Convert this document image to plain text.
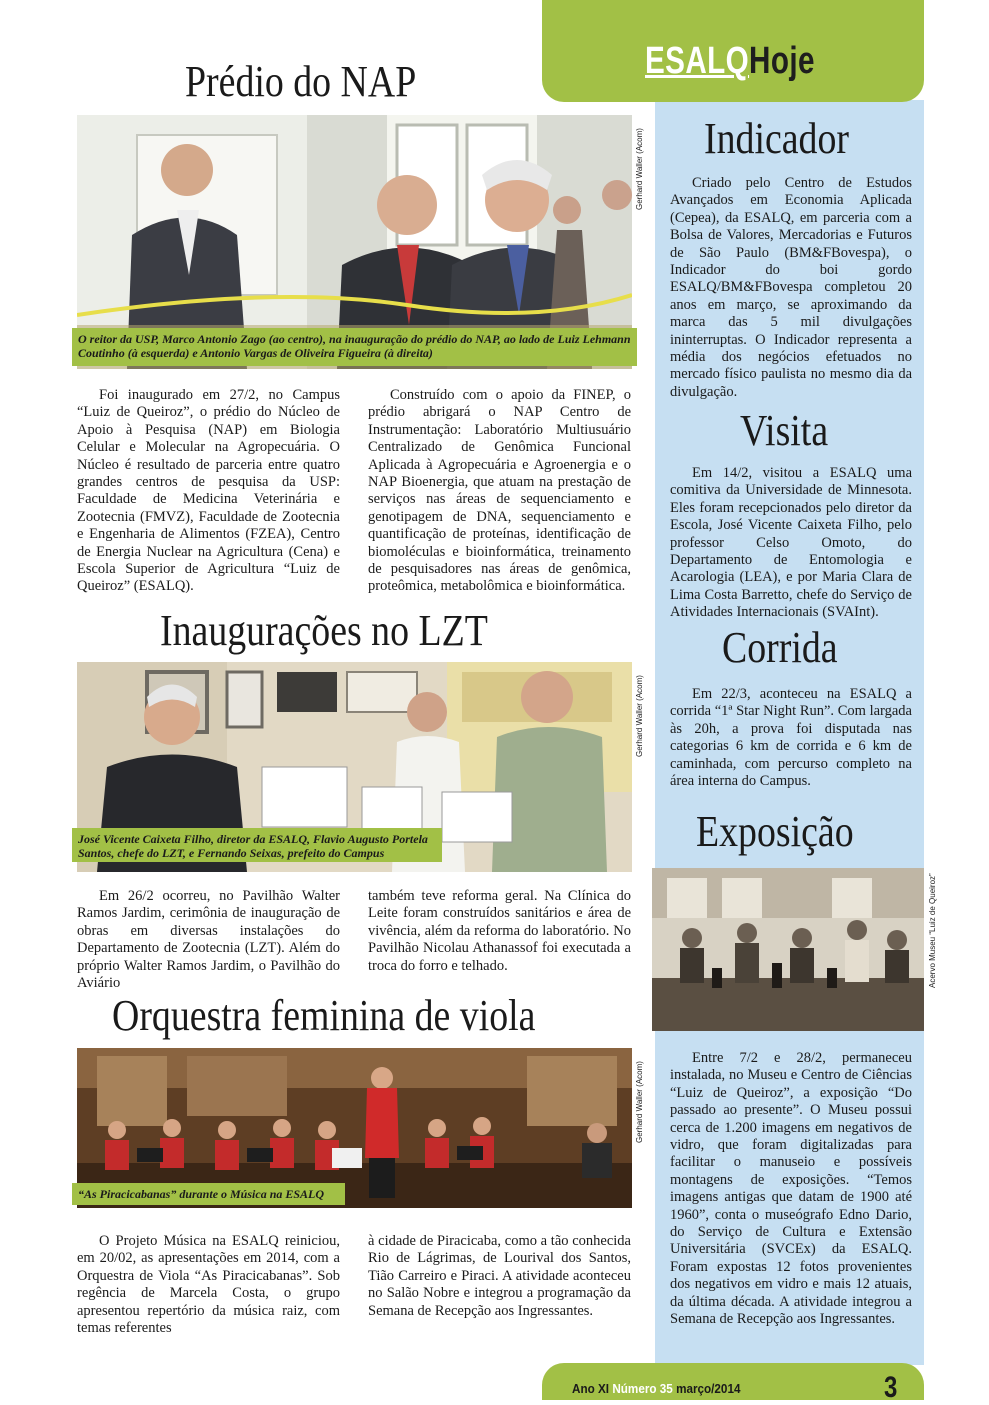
ESALQHoje
Prédio do NAP
Gerhard Waller (Acom)
O reitor da USP, Marco Antonio Zago (ao centro), na inauguração do prédio do NAP, ao lado de Luiz Lehmann Coutinho (à esquerda) e Antonio Vargas de Oliveira Figueira (à direita)

Foi inaugurado em 27/2, no Campus “Luiz de Queiroz”, o prédio do Núcleo de Apoio à Pesquisa (NAP) em Biologia Celular e Molecular na Agropecuária. O Núcleo é resultado de parceria entre quatro grandes centros de pesquisa da USP: Faculdade de Medicina Veterinária e Zootecnia (FMVZ), Faculdade de Zootecnia e Engenharia de Alimentos (FZEA), Centro de Energia Nuclear na Agricultura (Cena) e Escola Superior de Agricultura “Luiz de Queiroz” (ESALQ).

Construído com o apoio da FINEP, o prédio abrigará o NAP Centro de Instrumentação: Laboratório Multiusuário Centralizado de Genômica Funcional Aplicada à Agropecuária e Agroenergia e o NAP Bioenergia, que atuam na prestação de serviços nas áreas de sequenciamento e genotipagem de DNA, sequenciamento e quantificação de proteínas, identificação de biomoléculas e bioinformática, treinamento de pesquisadores nas áreas de genômica, proteômica, metabolômica e bioinformática.

Inaugurações no LZT
Gerhard Waller (Acom)
José Vicente Caixeta Filho, diretor da ESALQ, Flavio Augusto Portela Santos, chefe do LZT, e Fernando Seixas, prefeito do Campus

Em 26/2 ocorreu, no Pavilhão Walter Ramos Jardim, cerimônia de inauguração de obras em diversas instalações do Departamento de Zootecnia (LZT). Além do próprio Walter Ramos Jardim, o Pavilhão do Aviário

também teve reforma geral. Na Clínica do Leite foram construídos sanitários e área de vivência, além da reforma do laboratório. No Pavilhão Nicolau Athanassof foi executada a troca do forro e telhado.

Orquestra feminina de viola
Gerhard Waller (Acom)
“As Piracicabanas” durante o Música na ESALQ

O Projeto Música na ESALQ reiniciou, em 20/02, as apresentações em 2014, com a Orquestra de Viola “As Piracicabanas”. Sob regência de Marcela Costa, o grupo apresentou repertório da música raiz, com temas referentes

à cidade de Piracicaba, como a tão conhecida Rio de Lágrimas, de Lourival dos Santos, Tião Carreiro e Piraci. A atividade aconteceu no Salão Nobre e integrou a programação da Semana de Recepção aos Ingressantes.

Indicador

Criado pelo Centro de Estudos Avançados em Economia Aplicada (Cepea), da ESALQ, em parceria com a Bolsa de Valores, Mercadorias e Futuros de São Paulo (BM&FBovespa), o Indicador do boi gordo ESALQ/BM&FBovespa completou 20 anos em março, se aproximando da marca das 5 mil divulgações ininterruptas. O Indicador representa a média dos negócios efetuados no mercado físico paulista no mesmo dia da divulgação.

Visita

Em 14/2, visitou a ESALQ uma comitiva da Universidade de Minnesota. Eles foram recepcionados pelo diretor da Escola, José Vicente Caixeta Filho, pelo professor Celso Omoto, do Departamento de Entomologia e Acarologia (LEA), e por Maria Clara de Lima Costa Barretto, chefe do Serviço de Atividades Internacionais (SVAInt).

Corrida

Em 22/3, aconteceu na ESALQ a corrida “1ª Star Night Run”. Com largada às 20h, a prova foi disputada nas categorias 6 km de corrida e 6 km de caminhada, com percurso completo na área interna do Campus.

Exposição
Acervo Museu “Luiz de Queiroz”

Entre 7/2 e 28/2, permaneceu instalada, no Museu e Centro de Ciências “Luiz de Queiroz”, a exposição “Do passado ao presente”. O Museu possui cerca de 1.200 imagens em negativos de vidro, que foram digitalizadas para facilitar o manuseio e possíveis montagens de exposições. “Temos imagens antigas que datam de 1900 até 1960”, conta o museógrafo Edno Dario, do Serviço de Cultura e Extensão Universitária (SVCEx) da ESALQ. Foram expostas 12 fotos provenientes dos negativos em vidro e mais 12 atuais, da última década. A atividade integrou a Semana de Recepção aos Ingressantes.

Ano XI Número 35 março/2014	3
